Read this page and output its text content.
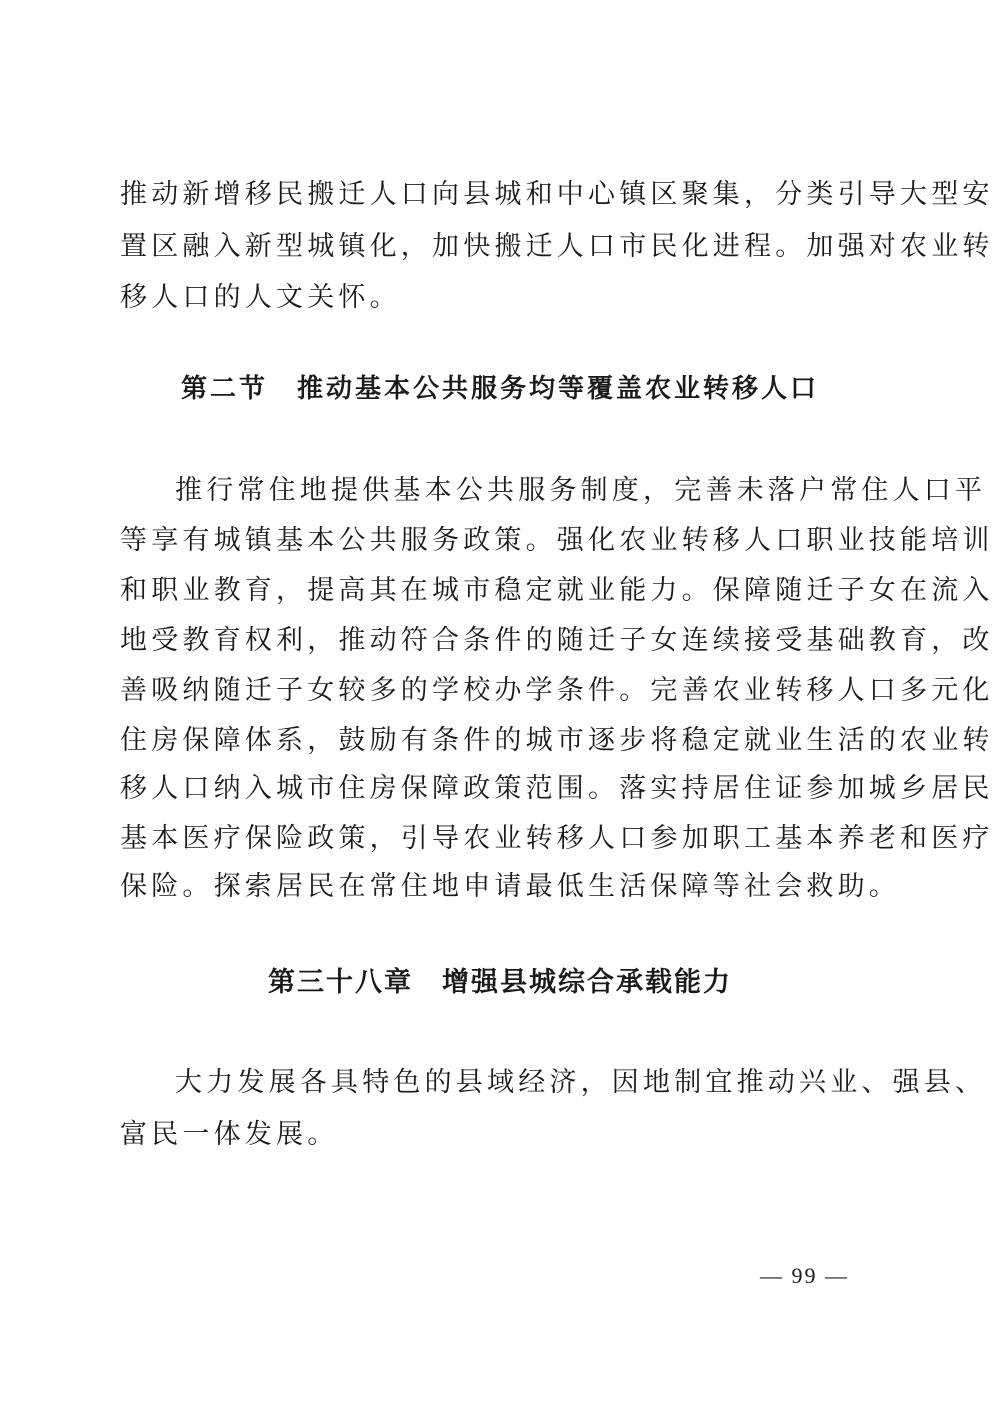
推动新增移民搬迁人口向县城和中心镇区聚集，分类引导大型安
置区融入新型城镇化，加快搬迁人口市民化进程。加强对农业转
移人口的人文关怀。
第二节　推动基本公共服务均等覆盖农业转移人口
推行常住地提供基本公共服务制度，完善未落户常住人口平
等享有城镇基本公共服务政策。强化农业转移人口职业技能培训
和职业教育，提高其在城市稳定就业能力。保障随迁子女在流入
地受教育权利，推动符合条件的随迁子女连续接受基础教育，改
善吸纳随迁子女较多的学校办学条件。完善农业转移人口多元化
住房保障体系，鼓励有条件的城市逐步将稳定就业生活的农业转
移人口纳入城市住房保障政策范围。落实持居住证参加城乡居民
基本医疗保险政策，引导农业转移人口参加职工基本养老和医疗
保险。探索居民在常住地申请最低生活保障等社会救助。
第三十八章　增强县城综合承载能力
大力发展各具特色的县域经济，因地制宜推动兴业、强县、
富民一体发展。
— 99 —
